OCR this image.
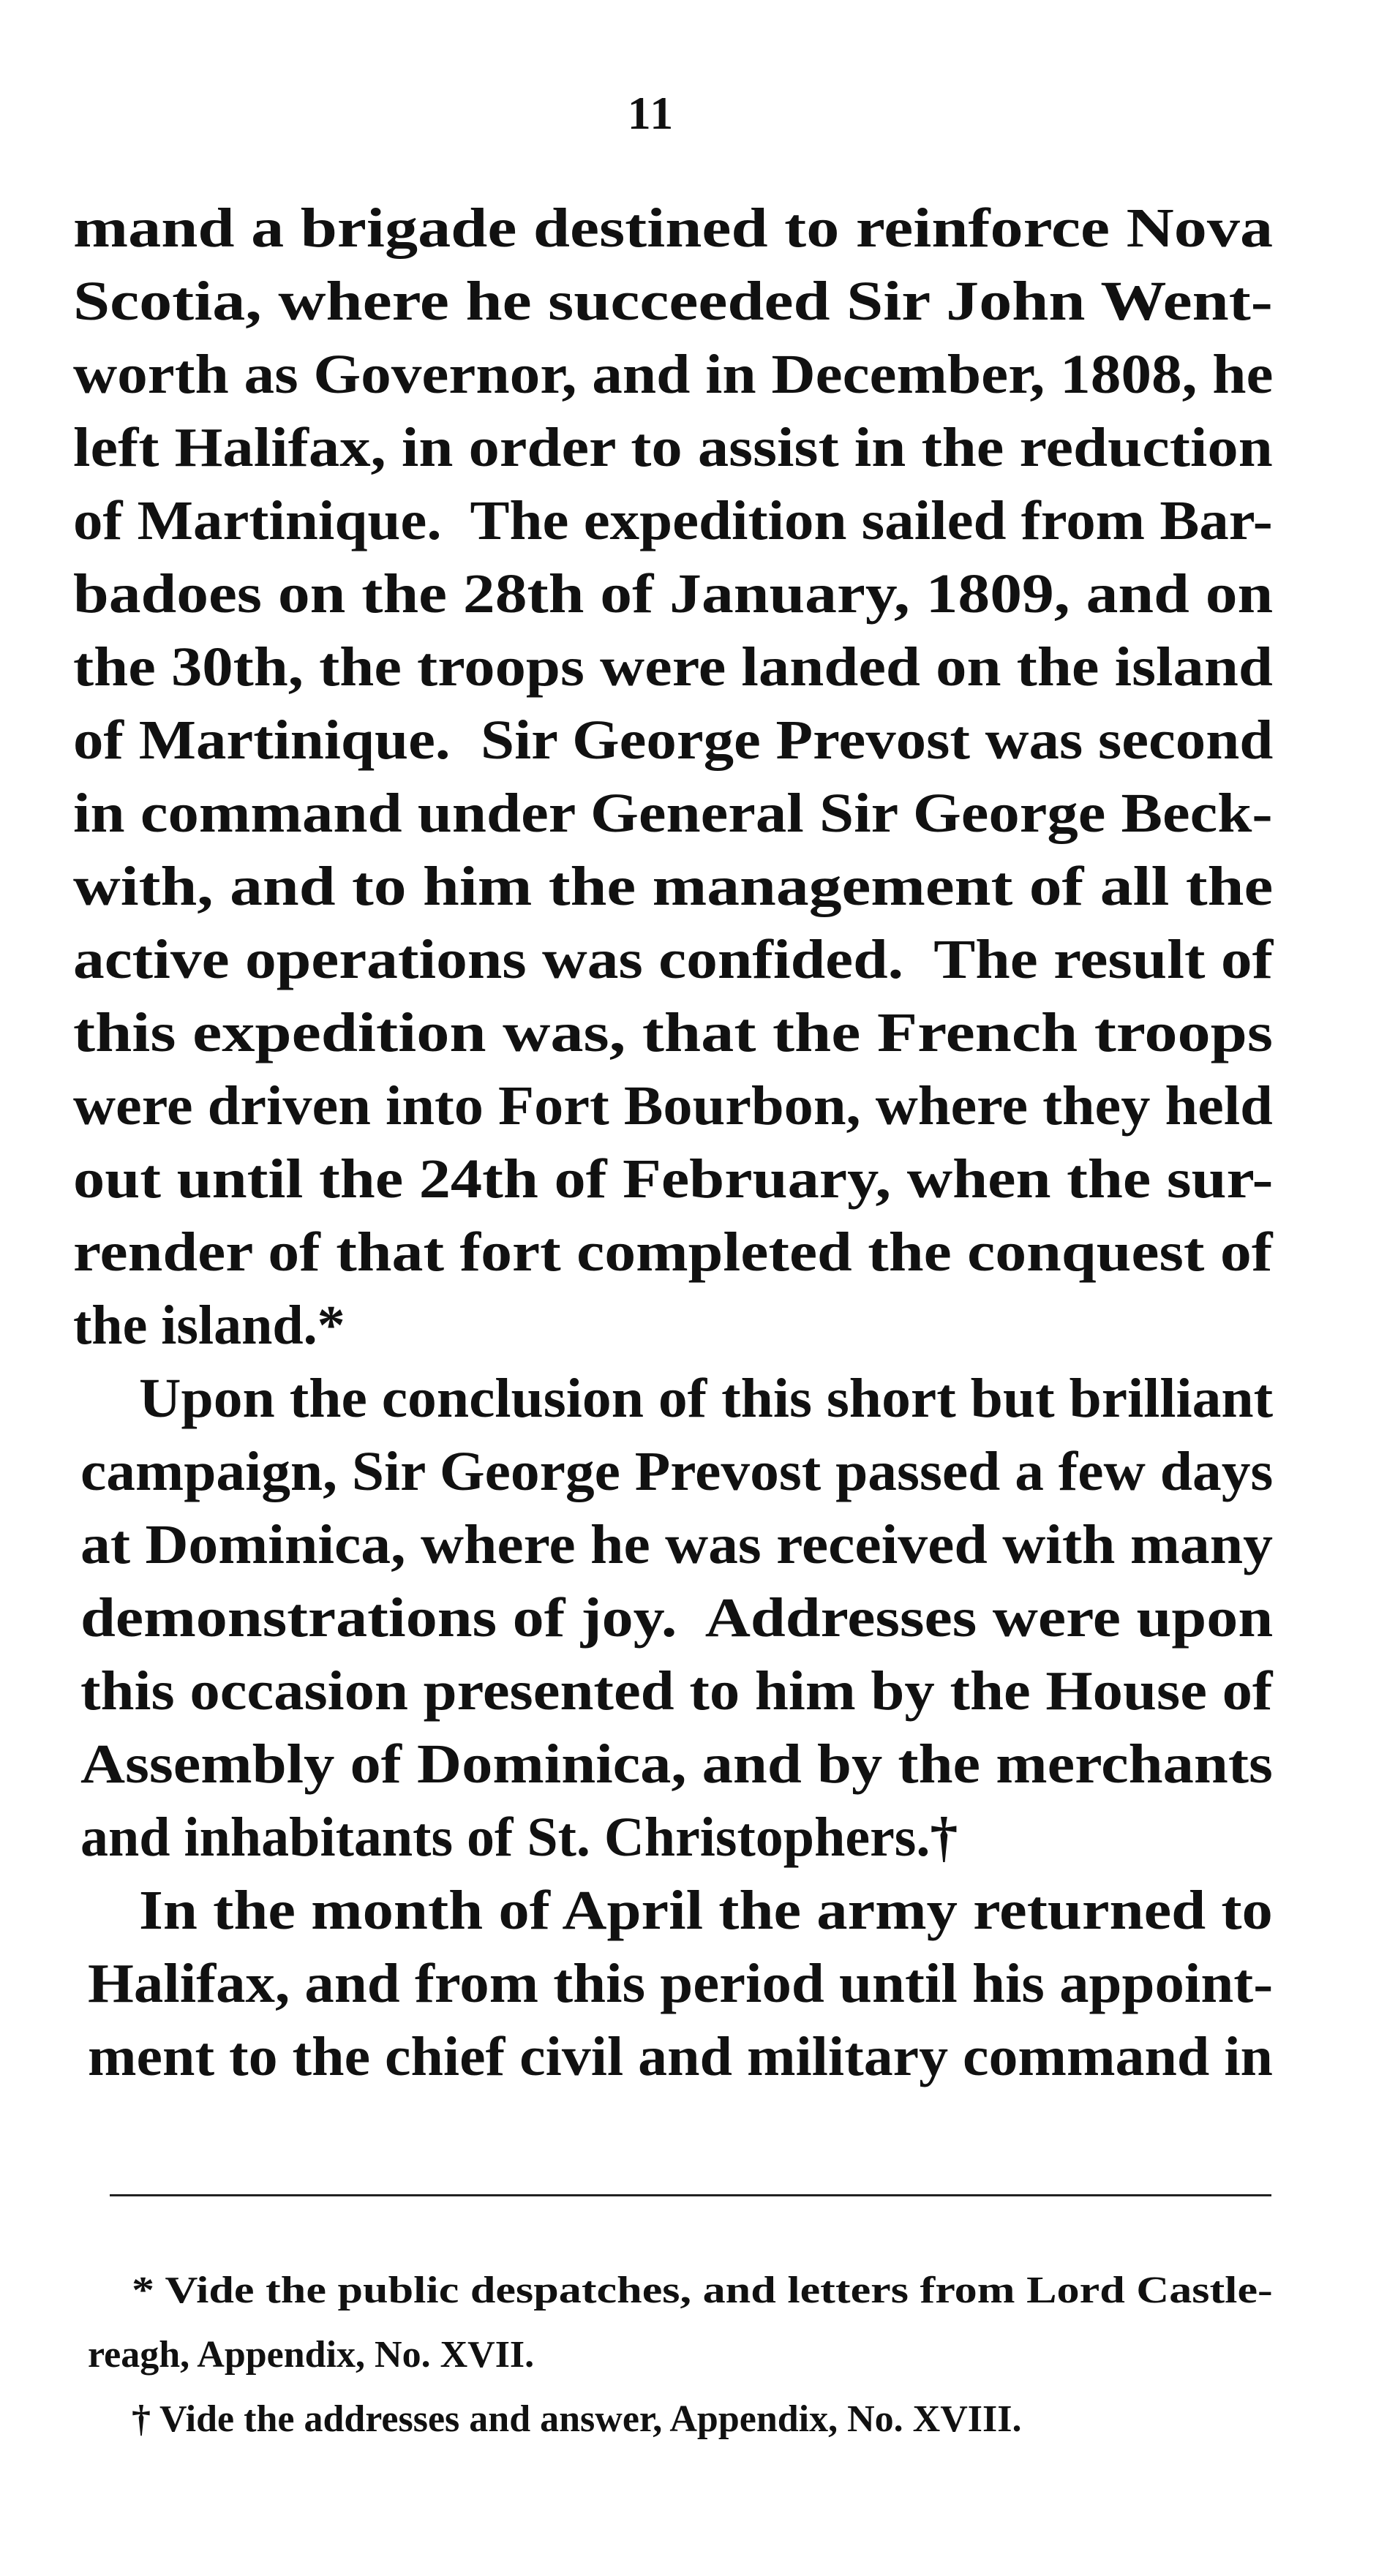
11
mand a brigade destined to reinforce Nova
Scotia, where he succeeded Sir John Went-
worth as Governor, and in December, 1808, he
left Halifax, in order to assist in the reduction
of Martinique.  The expedition sailed from Bar-
badoes on the 28th of January, 1809, and on
the 30th, the troops were landed on the island
of Martinique.  Sir George Prevost was second
in command under General Sir George Beck-
with, and to him the management of all the
active operations was confided.  The result of
this expedition was, that the French troops
were driven into Fort Bourbon, where they held
out until the 24th of February, when the sur-
render of that fort completed the conquest of
the island.*
Upon the conclusion of this short but brilliant
campaign, Sir George Prevost passed a few days
at Dominica, where he was received with many
demonstrations of joy.  Addresses were upon
this occasion presented to him by the House of
Assembly of Dominica, and by the merchants
and inhabitants of St. Christophers.†
In the month of April the army returned to
Halifax, and from this period until his appoint-
ment to the chief civil and military command in
* Vide the public despatches, and letters from Lord Castle-
reagh, Appendix, No. XVII.
† Vide the addresses and answer, Appendix, No. XVIII.
